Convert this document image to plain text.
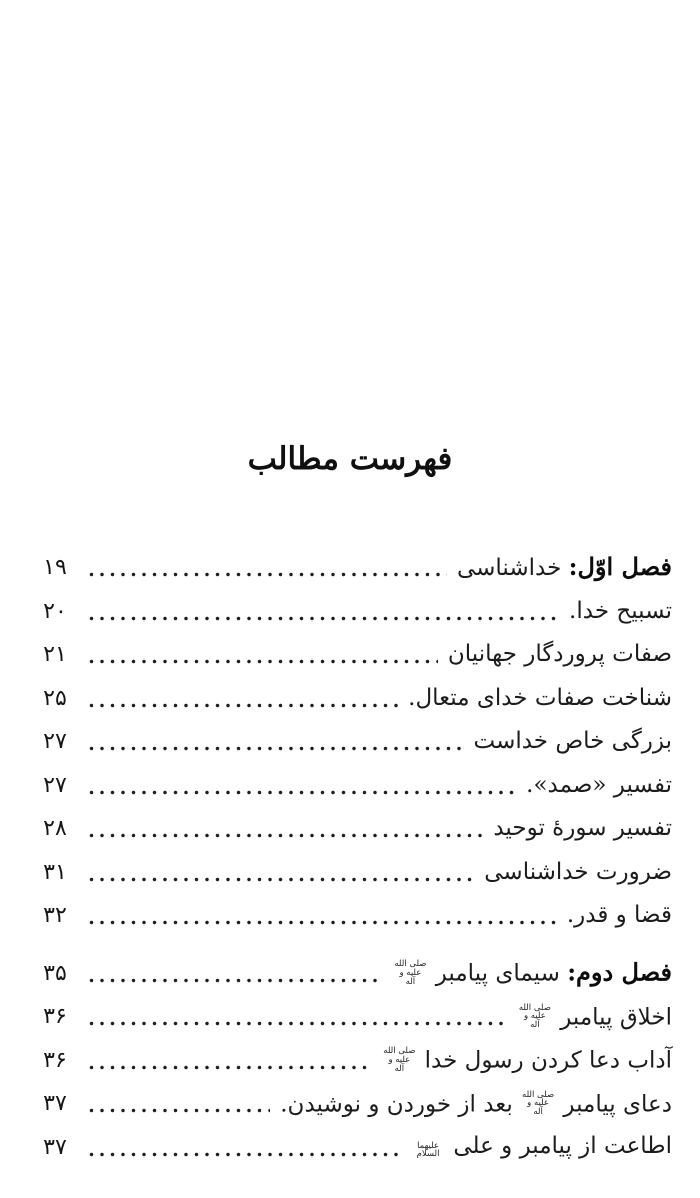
فهرست مطالب
فصل اوّل: خداشناسی
۱۹
تسبیح خدا.
۲۰
صفات پروردگار جهانیان
۲۱
شناخت صفات خدای متعال.
۲۵
بزرگی خاص خداست
۲۷
تفسیر «صمد».
۲۷
تفسیر سورهٔ توحید
۲۸
ضرورت خداشناسی
۳۱
قضا و قدر.
۳۲
فصل دوم: سیمای پیامبر صلی الله علیه و آله
۳۵
اخلاق پیامبر صلی الله علیه و آله
۳۶
آداب دعا کردن رسول خدا صلی الله علیه و آله
۳۶
دعای پیامبر صلی الله علیه و آله بعد از خوردن و نوشیدن.
۳۷
اطاعت از پیامبر و علی علیهما السلام
۳۷
